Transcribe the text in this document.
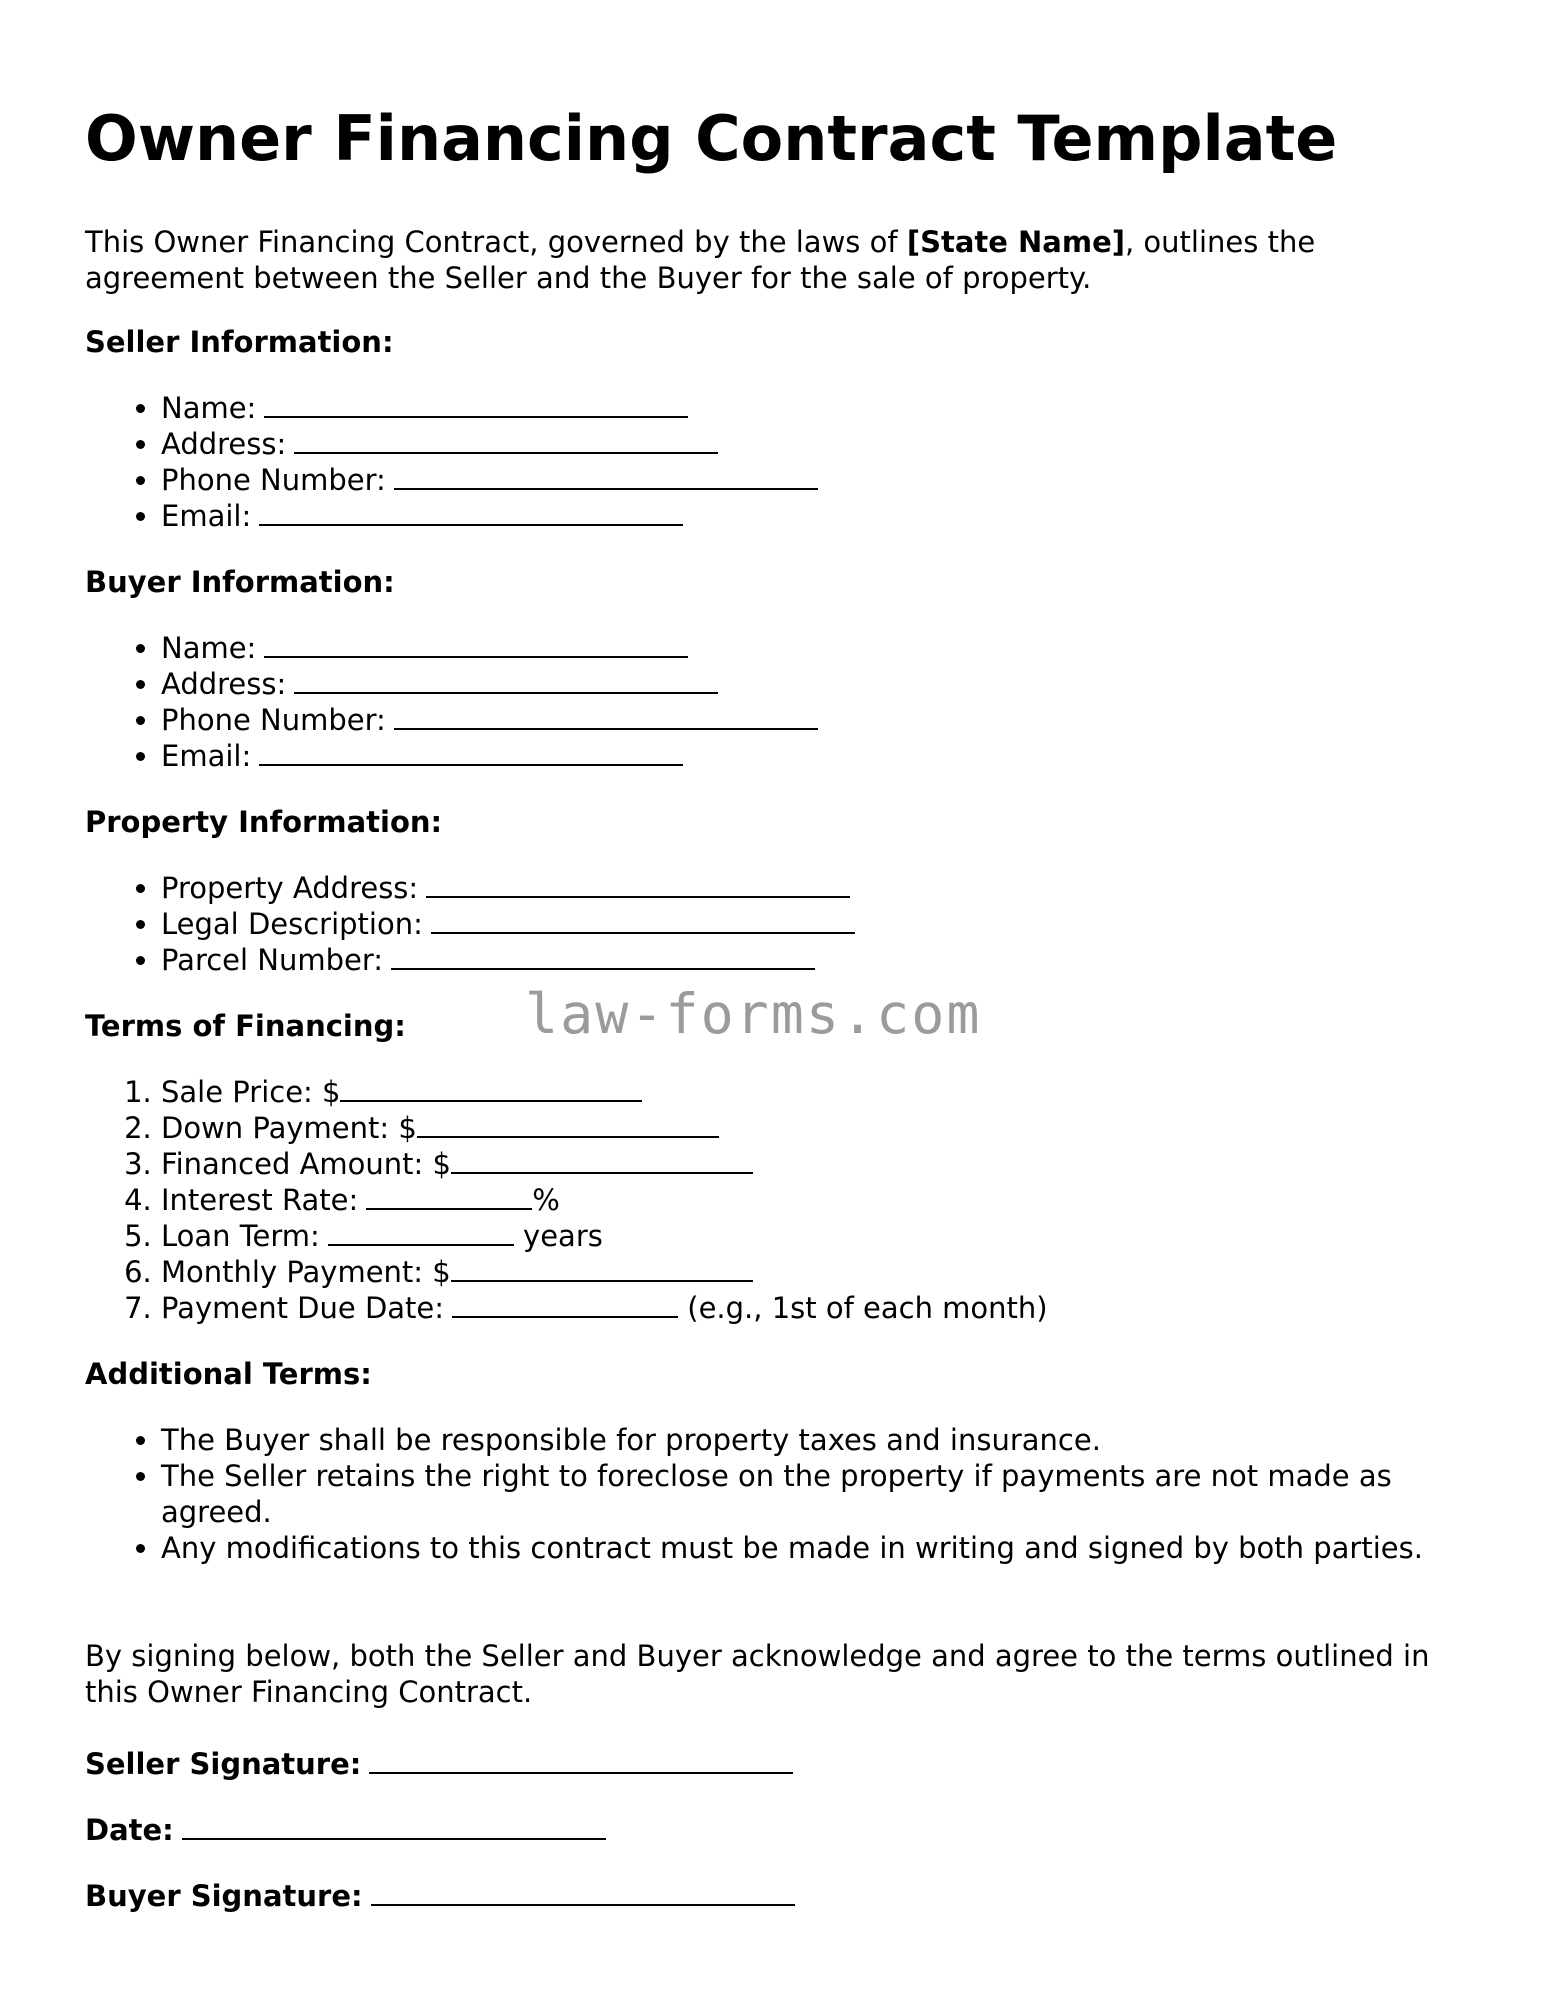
Owner Financing Contract Template

This Owner Financing Contract, governed by the laws of [State Name], outlines the agreement between the Seller and the Buyer for the sale of property.

Seller Information:

• Name:
• Address:
• Phone Number:
• Email:

Buyer Information:

• Name:
• Address:
• Phone Number:
• Email:

Property Information:

• Property Address:
• Legal Description:
• Parcel Number:

Terms of Financing:

1. Sale Price: $
2. Down Payment: $
3. Financed Amount: $
4. Interest Rate:	%
5. Loan Term:	years
6. Monthly Payment: $
7. Payment Due Date:	(e.g., 1st of each month)

Additional Terms:

• The Buyer shall be responsible for property taxes and insurance.
• The Seller retains the right to foreclose on the property if payments are not made as agreed.
• Any modifications to this contract must be made in writing and signed by both parties.

By signing below, both the Seller and Buyer acknowledge and agree to the terms outlined in this Owner Financing Contract.

Seller Signature:

Date:

Buyer Signature:

law-forms.com
